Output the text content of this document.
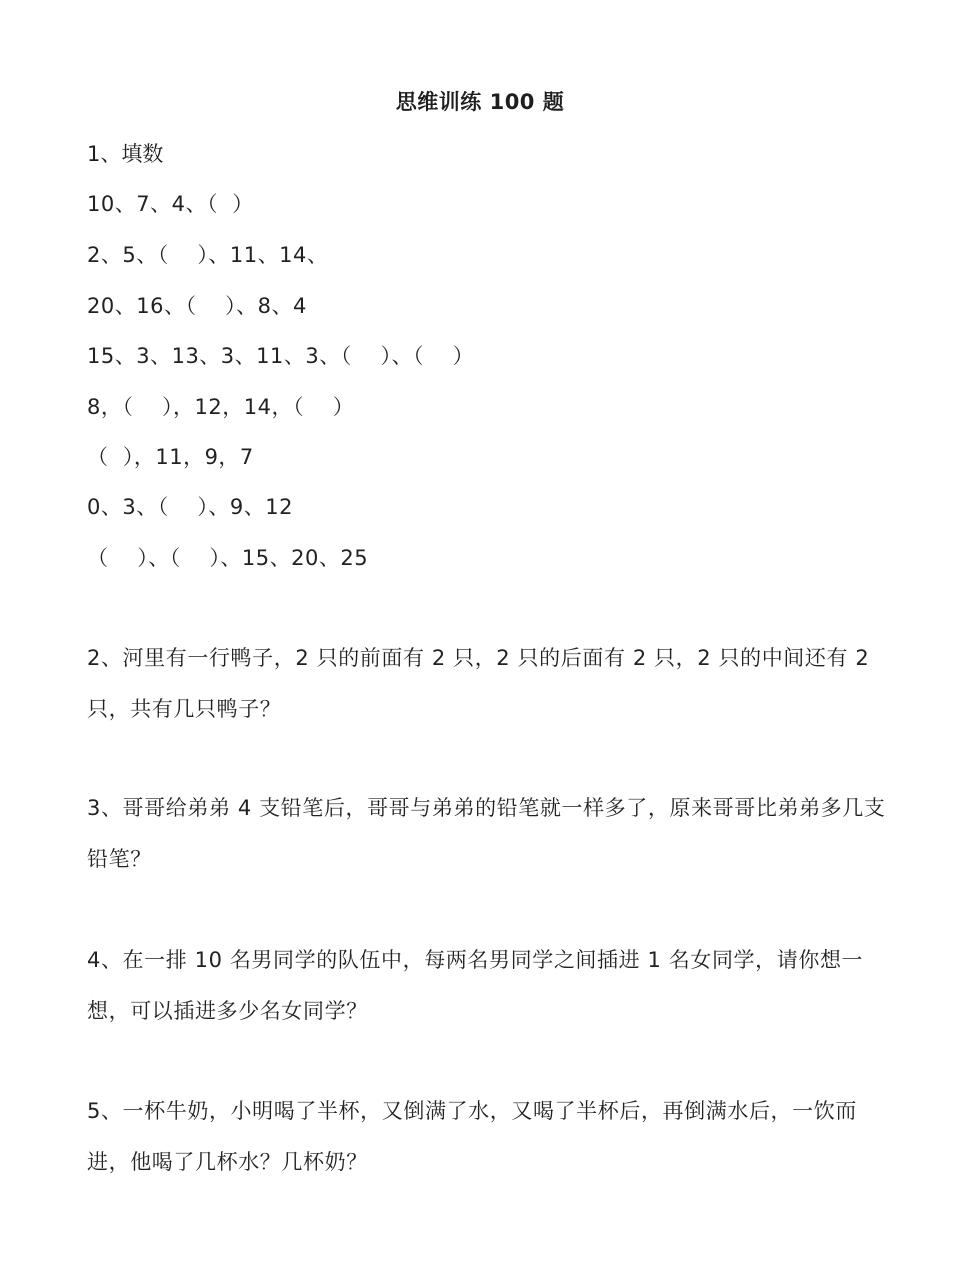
思维训练 100 题
1、填数
10、7、4、（  ）
2、5、（    ）、11、14、
20、16、（    ）、8、4
15、3、13、3、11、3、（    ）、（    ）
8，（    ），12，14，（    ）
（  ），11，9，7
0、3、（    ）、9、12
（    ）、（    ）、15、20、25
2、河里有一行鸭子，2 只的前面有 2 只，2 只的后面有 2 只，2 只的中间还有 2 只，共有几只鸭子？
3、哥哥给弟弟 4 支铅笔后，哥哥与弟弟的铅笔就一样多了，原来哥哥比弟弟多几支铅笔？
4、在一排 10 名男同学的队伍中，每两名男同学之间插进 1 名女同学，请你想一想，可以插进多少名女同学？
5、一杯牛奶，小明喝了半杯，又倒满了水，又喝了半杯后，再倒满水后，一饮而进，他喝了几杯水？几杯奶？
